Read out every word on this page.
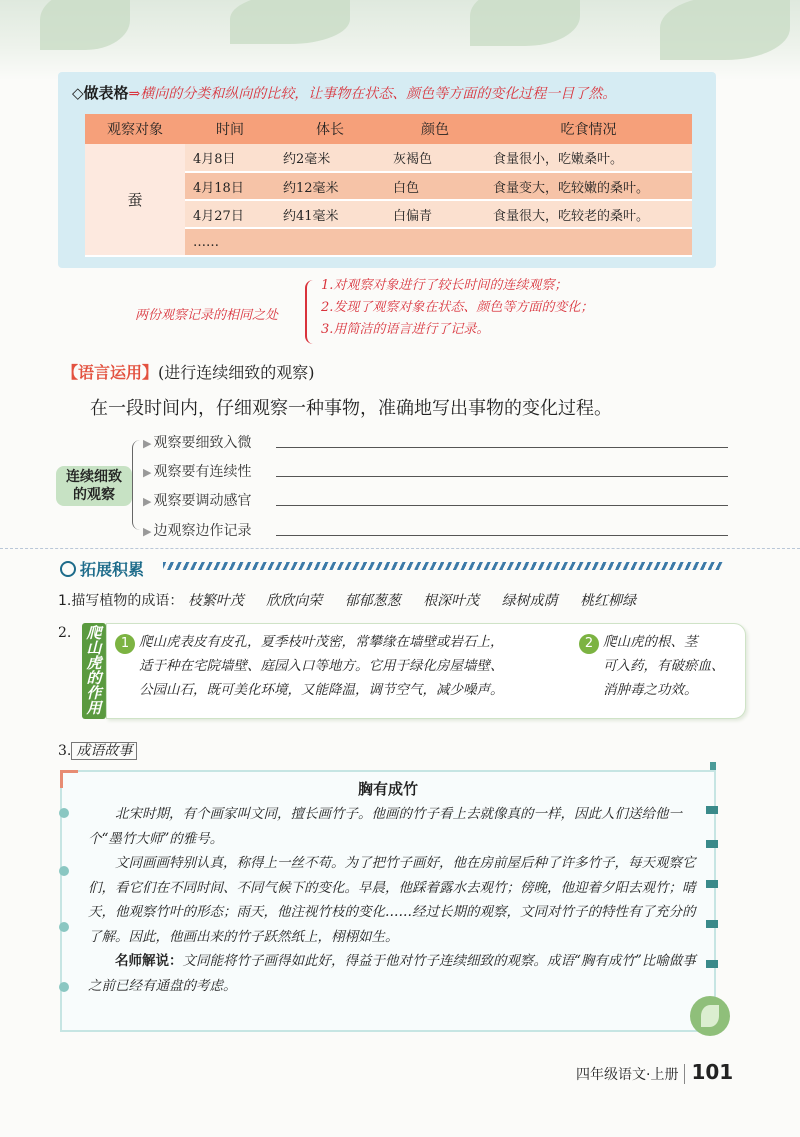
◇做表格⇒横向的分类和纵向的比较，让事物在状态、颜色等方面的变化过程一目了然。
观察对象	时间	体长	颜色	吃食情况
蚕	4月8日	约2毫米	灰褐色	食量很小，吃嫩桑叶。
	4月18日	约12毫米	白色	食量变大，吃较嫩的桑叶。
	4月27日	约41毫米	白偏青	食量很大，吃较老的桑叶。
	……			
两份观察记录的相同之处
1.对观察对象进行了较长时间的连续观察；
2.发现了观察对象在状态、颜色等方面的变化；
3.用简洁的语言进行了记录。
【语言运用】(进行连续细致的观察)
在一段时间内，仔细观察一种事物，准确地写出事物的变化过程。
连续细致
的观察
▶ 观察要细致入微
▶ 观察要有连续性
▶ 观察要调动感官
▶ 边观察边作记录
拓展积累
1.描写植物的成语： 枝繁叶茂 欣欣向荣 郁郁葱葱 根深叶茂 绿树成荫 桃红柳绿
2. 爬山虎的作用
1 爬山虎表皮有皮孔，夏季枝叶茂密，常攀缘在墙壁或岩石上，
适于种在宅院墙壁、庭园入口等地方。它用于绿化房屋墙壁、
公园山石，既可美化环境，又能降温，调节空气，减少噪声。
2 爬山虎的根、茎
可入药，有破瘀血、
消肿毒之功效。
3. 成语故事
胸有成竹

北宋时期，有个画家叫文同，擅长画竹子。他画的竹子看上去就像真的一样，因此人们送给他一个“墨竹大师”的雅号。

文同画画特别认真，称得上一丝不苟。为了把竹子画好，他在房前屋后种了许多竹子，每天观察它们，看它们在不同时间、不同气候下的变化。早晨，他踩着露水去观竹；傍晚，他迎着夕阳去观竹；晴天，他观察竹叶的形态；雨天，他注视竹枝的变化……经过长期的观察，文同对竹子的特性有了充分的了解。因此，他画出来的竹子跃然纸上，栩栩如生。

名师解说：文同能将竹子画得如此好，得益于他对竹子连续细致的观察。成语“胸有成竹”比喻做事之前已经有通盘的考虑。

四年级语文·上册 101
